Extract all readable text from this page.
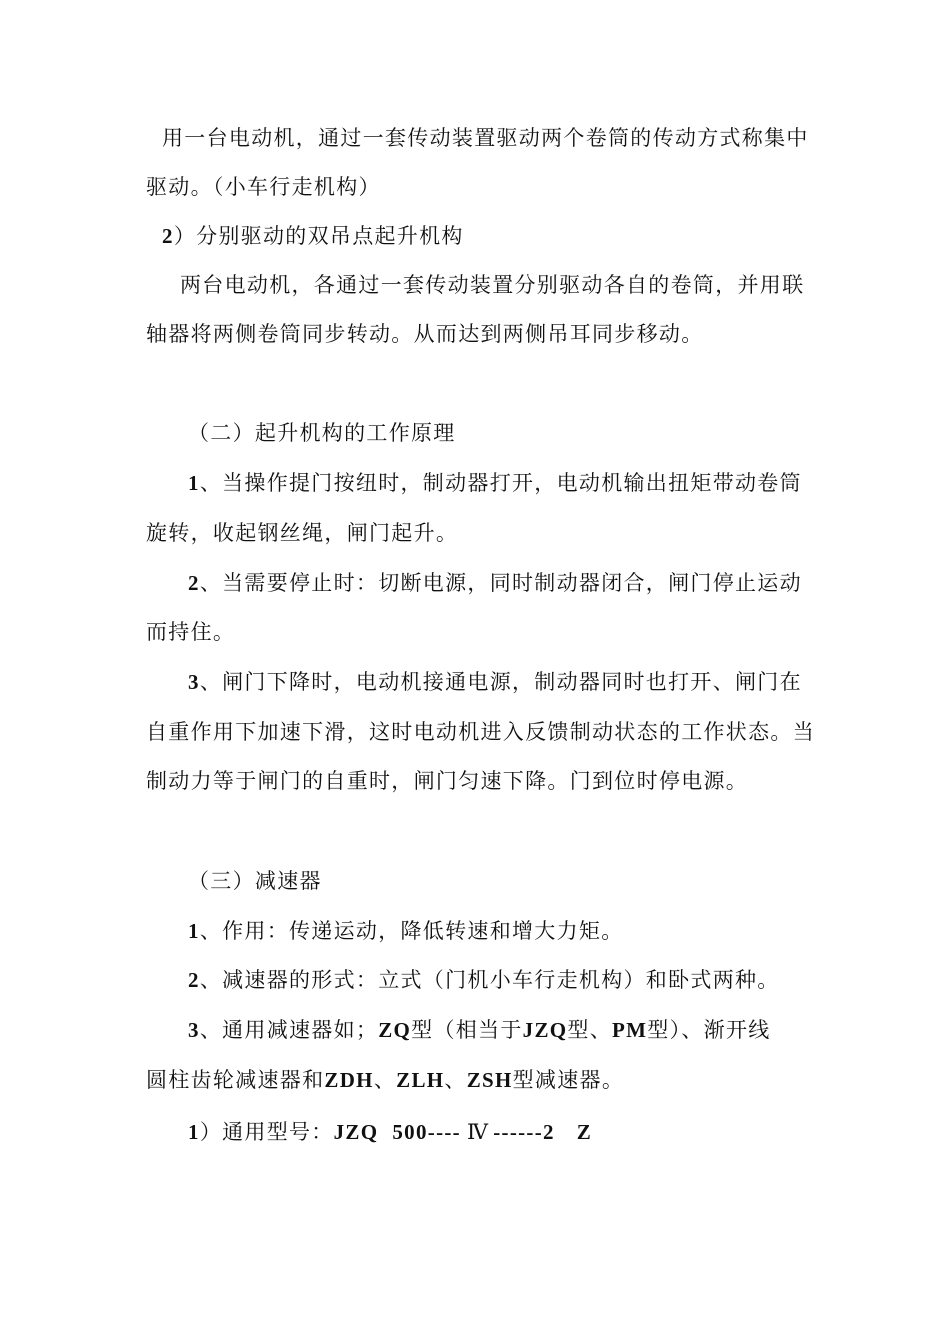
用一台电动机，通过一套传动装置驱动两个卷筒的传动方式称集中
驱动。（小车行走机构）
2）分别驱动的双吊点起升机构
两台电动机，各通过一套传动装置分别驱动各自的卷筒，并用联
轴器将两侧卷筒同步转动。从而达到两侧吊耳同步移动。
（二）起升机构的工作原理
1、当操作提门按纽时，制动器打开，电动机输出扭矩带动卷筒
旋转，收起钢丝绳，闸门起升。
2、当需要停止时：切断电源，同时制动器闭合，闸门停止运动
而持住。
3、闸门下降时，电动机接通电源，制动器同时也打开、闸门在
自重作用下加速下滑，这时电动机进入反馈制动状态的工作状态。当
制动力等于闸门的自重时，闸门匀速下降。门到位时停电源。
（三）减速器
1、作用：传递运动，降低转速和增大力矩。
2、减速器的形式：立式（门机小车行走机构）和卧式两种。
3、通用减速器如；ZQ型（相当于JZQ型、PM型）、渐开线
圆柱齿轮减速器和ZDH、ZLH、ZSH型减速器。
1）通用型号：JZQ 500---- Ⅳ ------2 Z
